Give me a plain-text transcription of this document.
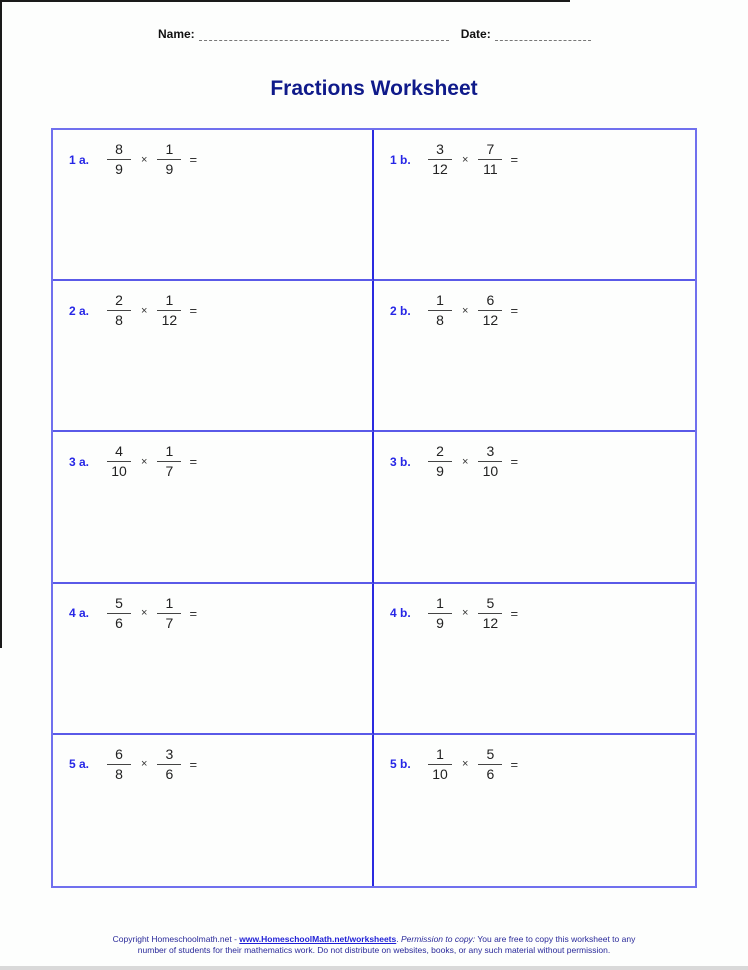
Name:	Date:
Fractions Worksheet
1 a.	$\frac{8}{9} \times \frac{1}{9}$ =	1 b.	$\frac{3}{12} \times \frac{7}{11}$ =
2 a.	$\frac{2}{8} \times \frac{1}{12}$ =	2 b.	$\frac{1}{8} \times \frac{6}{12}$ =
3 a.	$\frac{4}{10} \times \frac{1}{7}$ =	3 b.	$\frac{2}{9} \times \frac{3}{10}$ =
4 a.	$\frac{5}{6} \times \frac{1}{7}$ =	4 b.	$\frac{1}{9} \times \frac{5}{12}$ =
5 a.	$\frac{6}{8} \times \frac{3}{6}$ =	5 b.	$\frac{1}{10} \times \frac{5}{6}$ =
Copyright Homeschoolmath.net - www.HomeschoolMath.net/worksheets. Permission to copy: You are free to copy this worksheet to any
number of students for their mathematics work. Do not distribute on websites, books, or any such material without permission.
